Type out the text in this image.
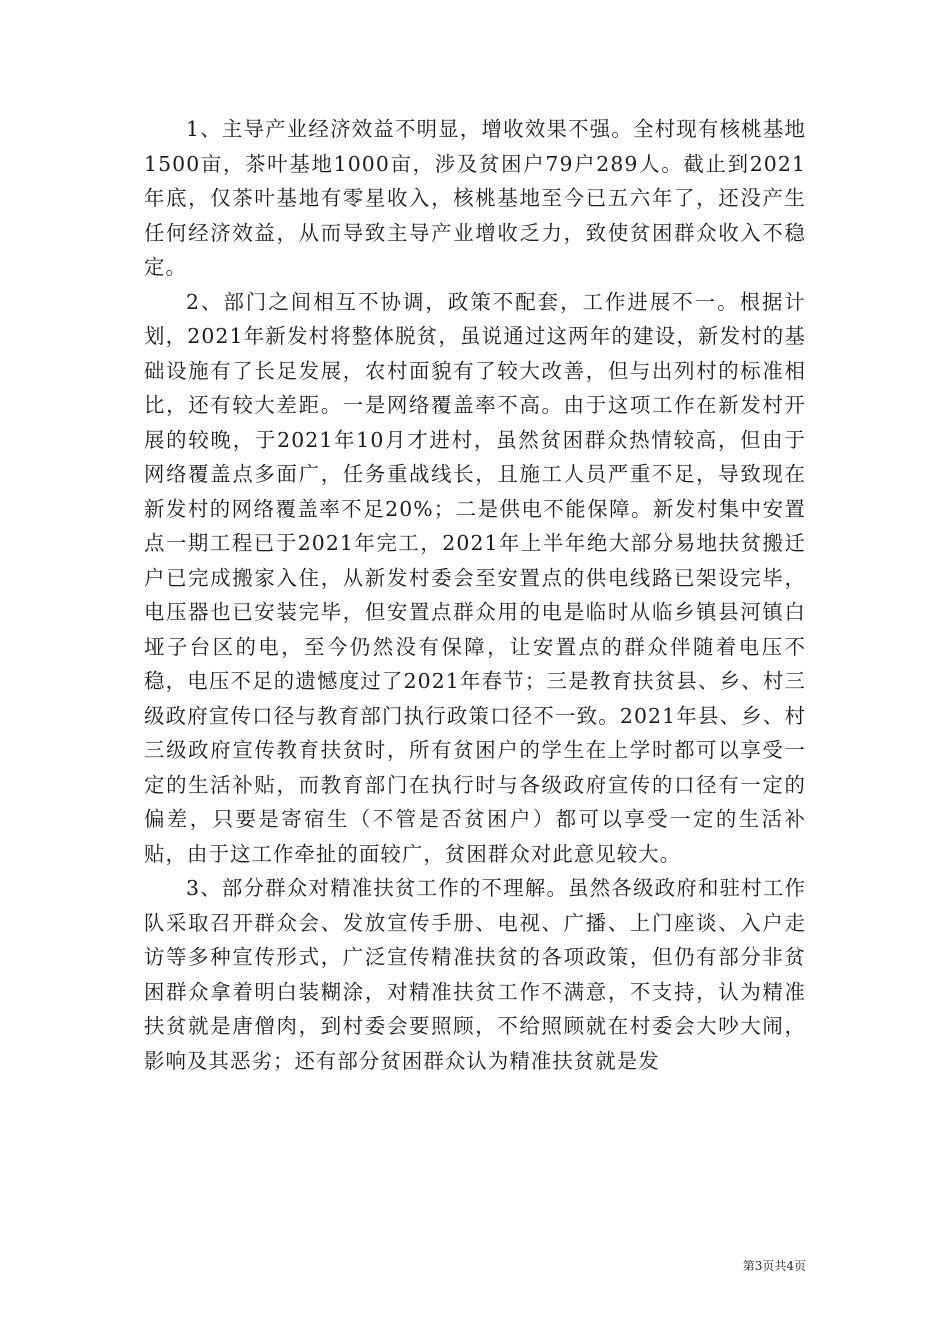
1、主导产业经济效益不明显，增收效果不强。全村现有核桃基地1500亩，茶叶基地1000亩，涉及贫困户79户289人。截止到2021年底，仅茶叶基地有零星收入，核桃基地至今已五六年了，还没产生任何经济效益，从而导致主导产业增收乏力，致使贫困群众收入不稳定。

2、部门之间相互不协调，政策不配套，工作进展不一。根据计划，2021年新发村将整体脱贫，虽说通过这两年的建设，新发村的基础设施有了长足发展，农村面貌有了较大改善，但与出列村的标准相比，还有较大差距。一是网络覆盖率不高。由于这项工作在新发村开展的较晚，于2021年10月才进村，虽然贫困群众热情较高，但由于网络覆盖点多面广，任务重战线长，且施工人员严重不足，导致现在新发村的网络覆盖率不足20%；二是供电不能保障。新发村集中安置点一期工程已于2021年完工，2021年上半年绝大部分易地扶贫搬迁户已完成搬家入住，从新发村委会至安置点的供电线路已架设完毕，电压器也已安装完毕，但安置点群众用的电是临时从临乡镇县河镇白垭子台区的电，至今仍然没有保障，让安置点的群众伴随着电压不稳，电压不足的遗憾度过了2021年春节；三是教育扶贫县、乡、村三级政府宣传口径与教育部门执行政策口径不一致。2021年县、乡、村三级政府宣传教育扶贫时，所有贫困户的学生在上学时都可以享受一定的生活补贴，而教育部门在执行时与各级政府宣传的口径有一定的偏差，只要是寄宿生（不管是否贫困户）都可以享受一定的生活补贴，由于这工作牵扯的面较广，贫困群众对此意见较大。

3、部分群众对精准扶贫工作的不理解。虽然各级政府和驻村工作队采取召开群众会、发放宣传手册、电视、广播、上门座谈、入户走访等多种宣传形式，广泛宣传精准扶贫的各项政策，但仍有部分非贫困群众拿着明白装糊涂，对精准扶贫工作不满意，不支持，认为精准扶贫就是唐僧肉，到村委会要照顾，不给照顾就在村委会大吵大闹，影响及其恶劣；还有部分贫困群众认为精准扶贫就是发

第3页共4页
